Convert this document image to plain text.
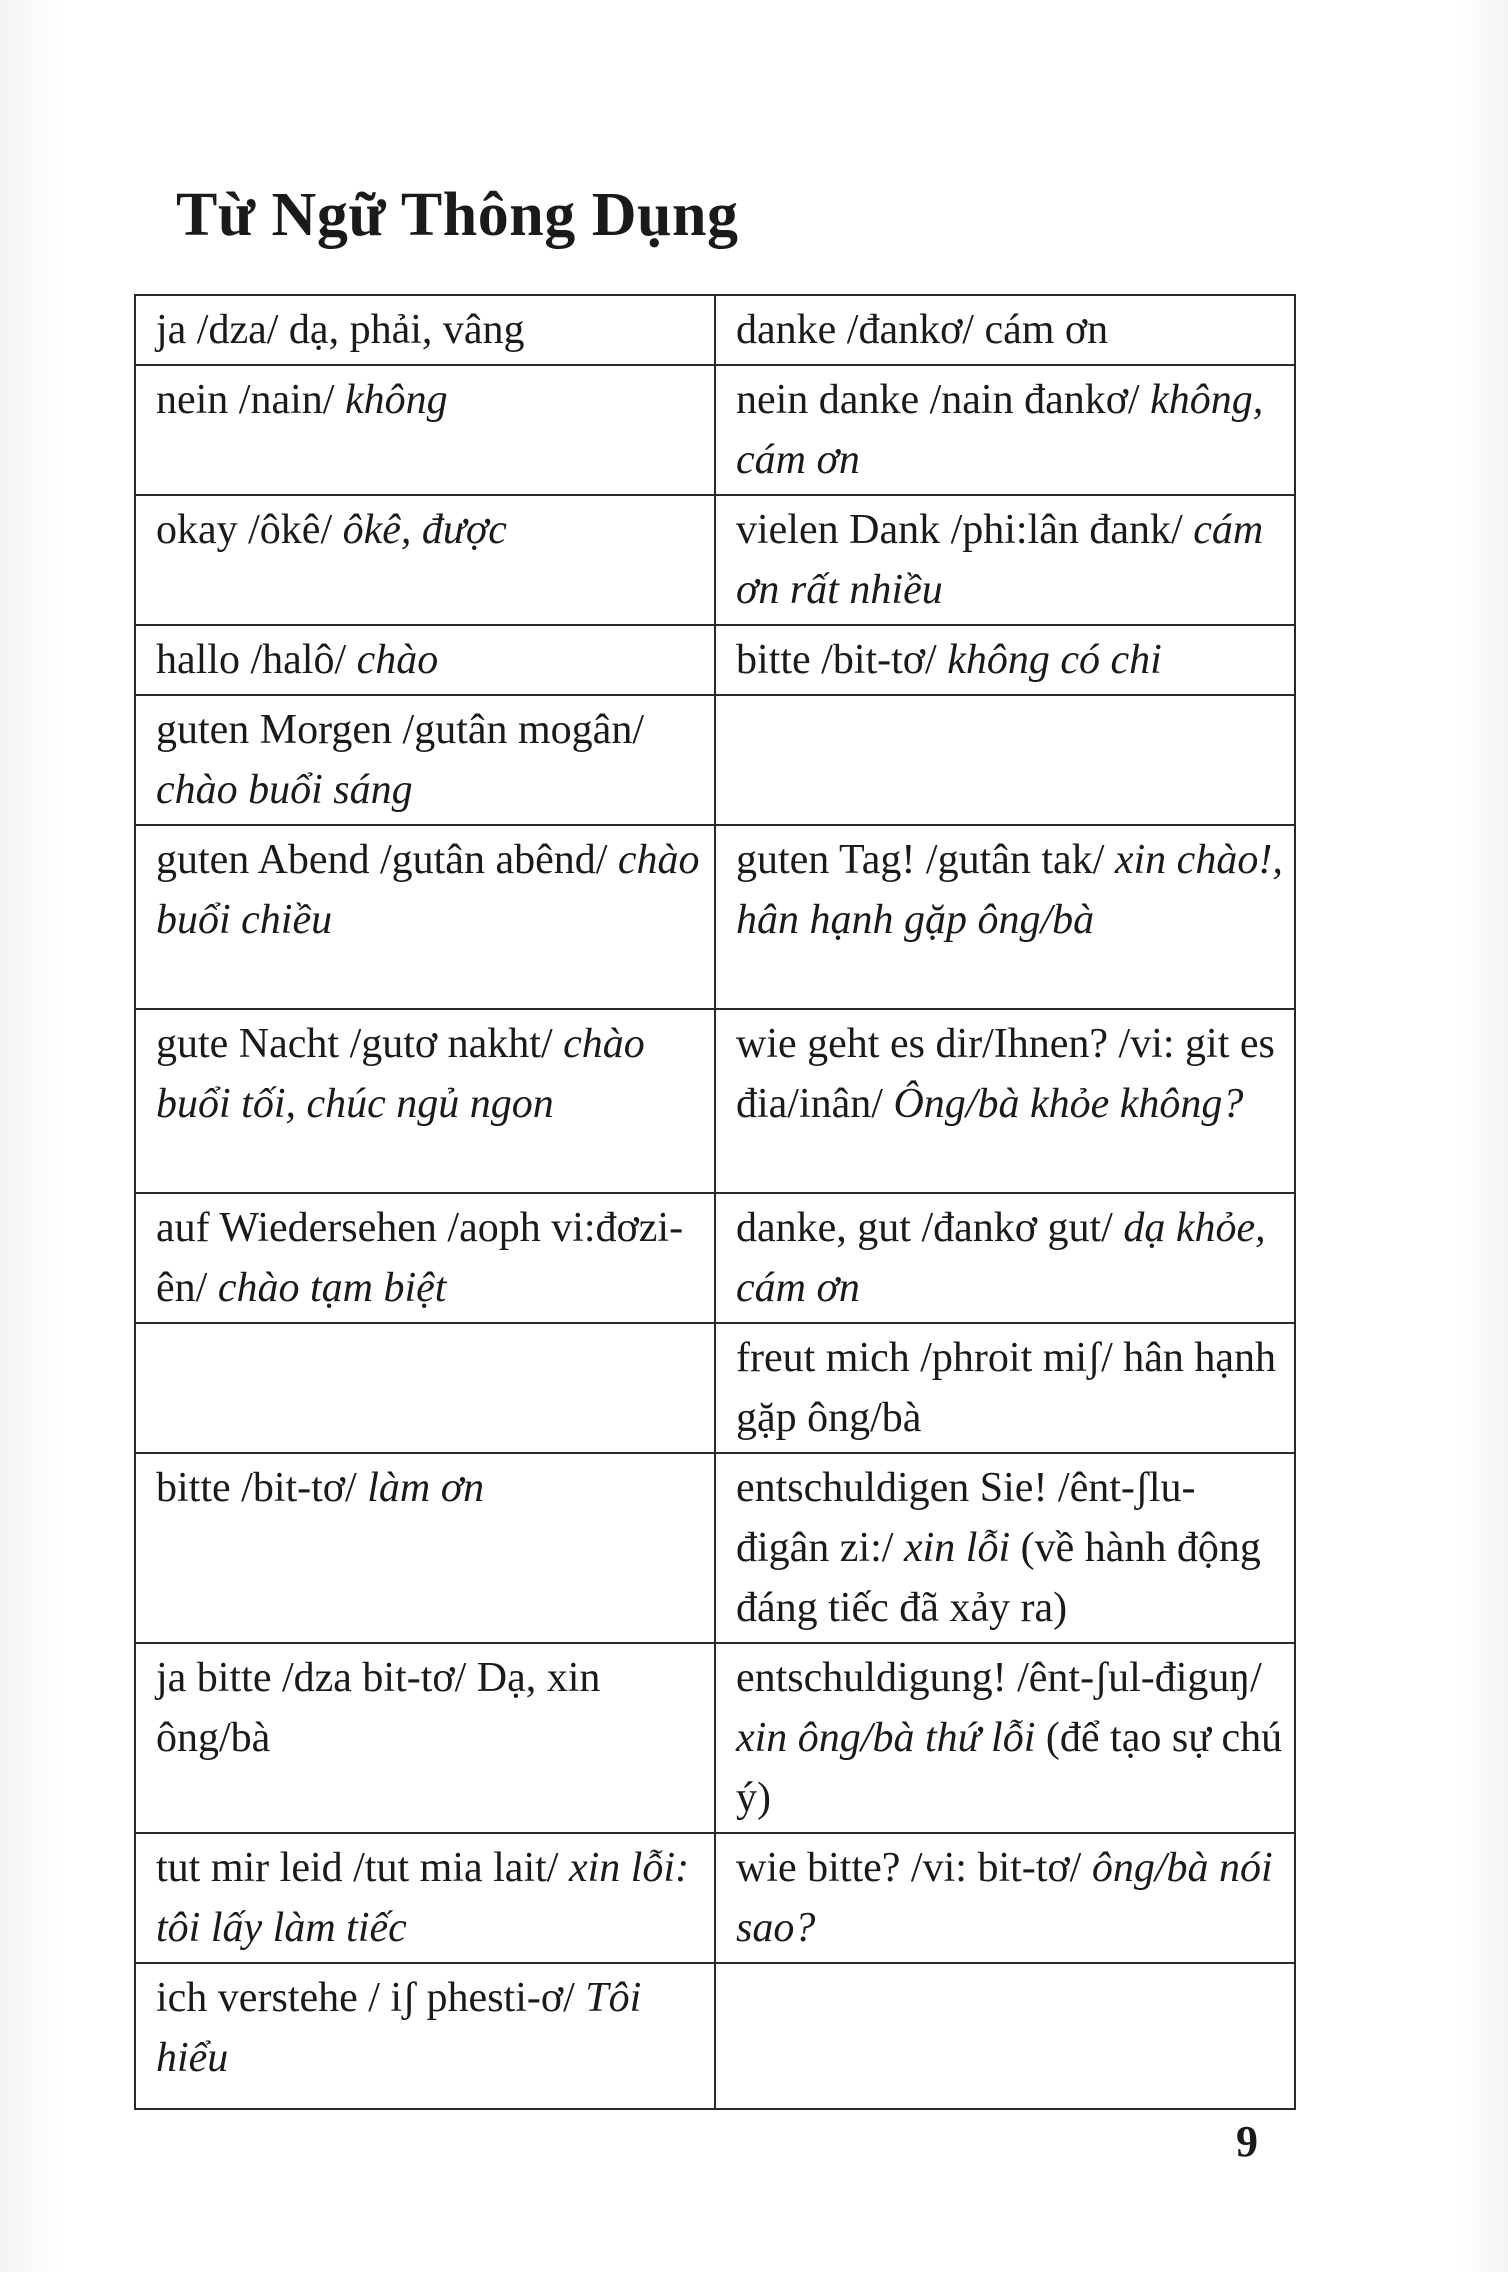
Từ Ngữ Thông Dụng
ja /dza/ dạ, phải, vâng	danke /đankơ/ cám ơn
nein /nain/ không	nein danke /nain đankơ/ không, cám ơn
okay /ôkê/ ôkê, được	vielen Dank /phi:lân đank/ cám ơn rất nhiều
hallo /halô/ chào	bitte /bit-tơ/ không có chi
guten Morgen /gutân mogân/ chào buổi sáng	
guten Abend /gutân abênd/ chào buổi chiều	guten Tag! /gutân tak/ xin chào!, hân hạnh gặp ông/bà
gute Nacht /gutơ nakht/ chào buổi tối, chúc ngủ ngon	wie geht es dir/Ihnen? /vi: git es đia/inân/ Ông/bà khỏe không?
auf Wiedersehen /aoph vi:đơzi-ên/ chào tạm biệt	danke, gut /đankơ gut/ dạ khỏe, cám ơn
	freut mich /phroit miʃ/ hân hạnh gặp ông/bà
bitte /bit-tơ/ làm ơn	entschuldigen Sie! /ênt-ʃlu-đigân zi:/ xin lỗi (về hành động đáng tiếc đã xảy ra)
ja bitte /dza bit-tơ/ Dạ, xin ông/bà	entschuldigung! /ênt-ʃul-điguŋ/ xin ông/bà thứ lỗi (để tạo sự chú ý)
tut mir leid /tut mia lait/ xin lỗi: tôi lấy làm tiếc	wie bitte? /vi: bit-tơ/ ông/bà nói sao?
ich verstehe / iʃ phesti-ơ/ Tôi hiểu	
9
